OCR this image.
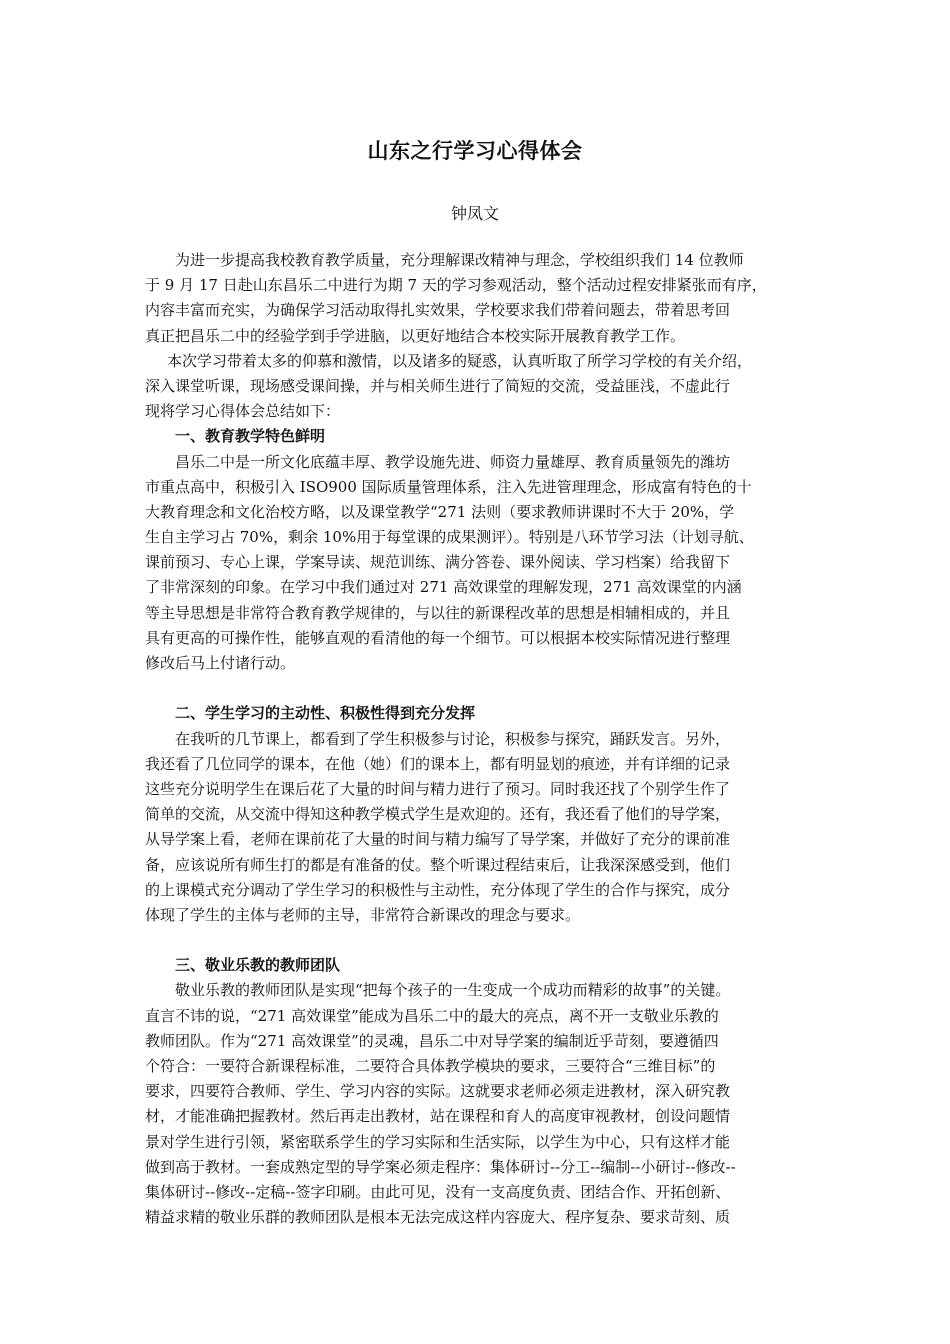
山东之行学习心得体会
钟凤文
为进一步提高我校教育教学质量，充分理解课改精神与理念，学校组织我们 14 位教师
于 9 月 17 日赴山东昌乐二中进行为期 7 天的学习参观活动，整个活动过程安排紧张而有序，
内容丰富而充实，为确保学习活动取得扎实效果，学校要求我们带着问题去，带着思考回
真正把昌乐二中的经验学到手学进脑，以更好地结合本校实际开展教育教学工作。
本次学习带着太多的仰慕和激情，以及诸多的疑惑，认真听取了所学习学校的有关介绍，
深入课堂听课，现场感受课间操，并与相关师生进行了简短的交流，受益匪浅，不虚此行
现将学习心得体会总结如下：
一、教育教学特色鲜明
昌乐二中是一所文化底蕴丰厚、教学设施先进、师资力量雄厚、教育质量领先的潍坊
市重点高中，积极引入 ISO900 国际质量管理体系，注入先进管理理念，形成富有特色的十
大教育理念和文化治校方略，以及课堂教学“271 法则（要求教师讲课时不大于 20%，学
生自主学习占 70%，剩余 10%用于每堂课的成果测评）。特别是八环节学习法（计划寻航、
课前预习、专心上课，学案导读、规范训练、满分答卷、课外阅读、学习档案）给我留下
了非常深刻的印象。在学习中我们通过对 271 高效课堂的理解发现，271 高效课堂的内涵
等主导思想是非常符合教育教学规律的，与以往的新课程改革的思想是相辅相成的，并且
具有更高的可操作性，能够直观的看清他的每一个细节。可以根据本校实际情况进行整理
修改后马上付诸行动。
二、学生学习的主动性、积极性得到充分发挥
在我听的几节课上，都看到了学生积极参与讨论，积极参与探究，踊跃发言。另外，
我还看了几位同学的课本，在他（她）们的课本上，都有明显划的痕迹，并有详细的记录
这些充分说明学生在课后花了大量的时间与精力进行了预习。同时我还找了个别学生作了
简单的交流，从交流中得知这种教学模式学生是欢迎的。还有，我还看了他们的导学案，
从导学案上看，老师在课前花了大量的时间与精力编写了导学案，并做好了充分的课前准
备，应该说所有师生打的都是有准备的仗。整个听课过程结束后，让我深深感受到，他们
的上课模式充分调动了学生学习的积极性与主动性，充分体现了学生的合作与探究，成分
体现了学生的主体与老师的主导，非常符合新课改的理念与要求。
三、敬业乐教的教师团队
敬业乐教的教师团队是实现“把每个孩子的一生变成一个成功而精彩的故事”的关键。
直言不讳的说，“271 高效课堂”能成为昌乐二中的最大的亮点，离不开一支敬业乐教的
教师团队。作为“271 高效课堂”的灵魂，昌乐二中对导学案的编制近乎苛刻，要遵循四
个符合：一要符合新课程标准，二要符合具体教学模块的要求，三要符合“三维目标”的
要求，四要符合教师、学生、学习内容的实际。这就要求老师必须走进教材，深入研究教
材，才能准确把握教材。然后再走出教材，站在课程和育人的高度审视教材，创设问题情
景对学生进行引领，紧密联系学生的学习实际和生活实际，以学生为中心，只有这样才能
做到高于教材。一套成熟定型的导学案必须走程序：集体研讨--分工--编制--小研讨--修改--
集体研讨--修改--定稿--签字印刷。由此可见，没有一支高度负责、团结合作、开拓创新、
精益求精的敬业乐群的教师团队是根本无法完成这样内容庞大、程序复杂、要求苛刻、质
